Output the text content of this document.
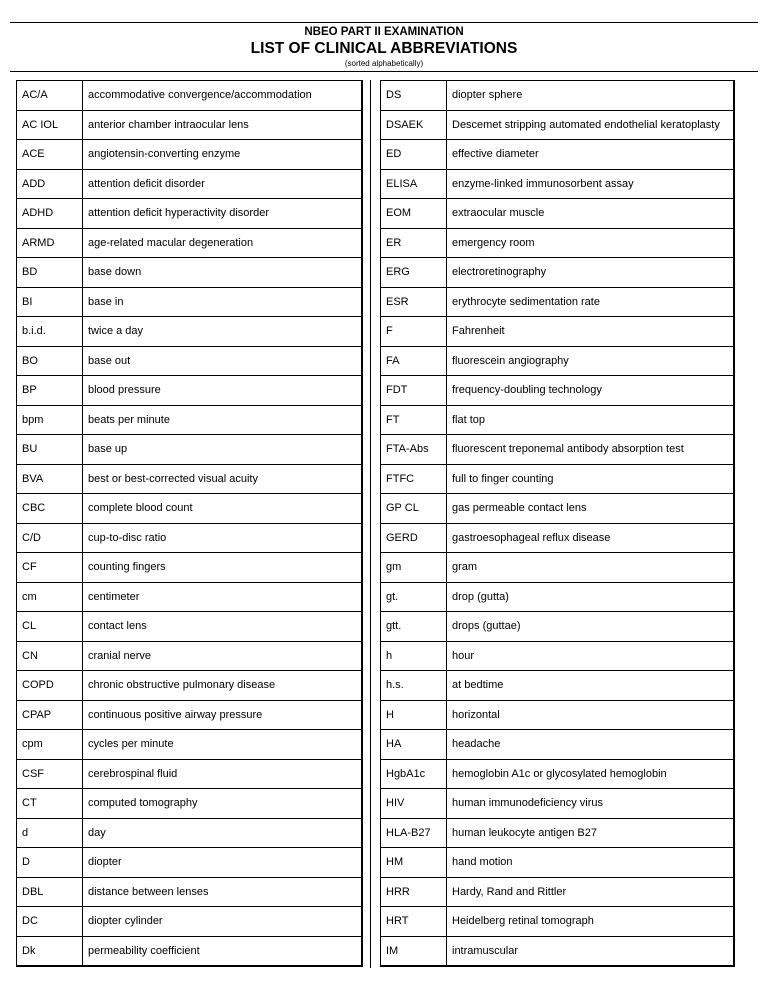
NBEO PART II EXAMINATION
LIST OF CLINICAL ABBREVIATIONS
(sorted alphabetically)
AC/A	accommodative convergence/accommodation
AC IOL	anterior chamber intraocular lens
ACE	angiotensin-converting enzyme
ADD	attention deficit disorder
ADHD	attention deficit hyperactivity disorder
ARMD	age-related macular degeneration
BD	base down
BI	base in
b.i.d.	twice a day
BO	base out
BP	blood pressure
bpm	beats per minute
BU	base up
BVA	best or best-corrected visual acuity
CBC	complete blood count
C/D	cup-to-disc ratio
CF	counting fingers
cm	centimeter
CL	contact lens
CN	cranial nerve
COPD	chronic obstructive pulmonary disease
CPAP	continuous positive airway pressure
cpm	cycles per minute
CSF	cerebrospinal fluid
CT	computed tomography
d	day
D	diopter
DBL	distance between lenses
DC	diopter cylinder
Dk	permeability coefficient
DS	diopter sphere
DSAEK	Descemet stripping automated endothelial keratoplasty
ED	effective diameter
ELISA	enzyme-linked immunosorbent assay
EOM	extraocular muscle
ER	emergency room
ERG	electroretinography
ESR	erythrocyte sedimentation rate
F	Fahrenheit
FA	fluorescein angiography
FDT	frequency-doubling technology
FT	flat top
FTA-Abs	fluorescent treponemal antibody absorption test
FTFC	full to finger counting
GP CL	gas permeable contact lens
GERD	gastroesophageal reflux disease
gm	gram
gt.	drop (gutta)
gtt.	drops (guttae)
h	hour
h.s.	at bedtime
H	horizontal
HA	headache
HgbA1c	hemoglobin A1c or glycosylated hemoglobin
HIV	human immunodeficiency virus
HLA-B27	human leukocyte antigen B27
HM	hand motion
HRR	Hardy, Rand and Rittler
HRT	Heidelberg retinal tomograph
IM	intramuscular
